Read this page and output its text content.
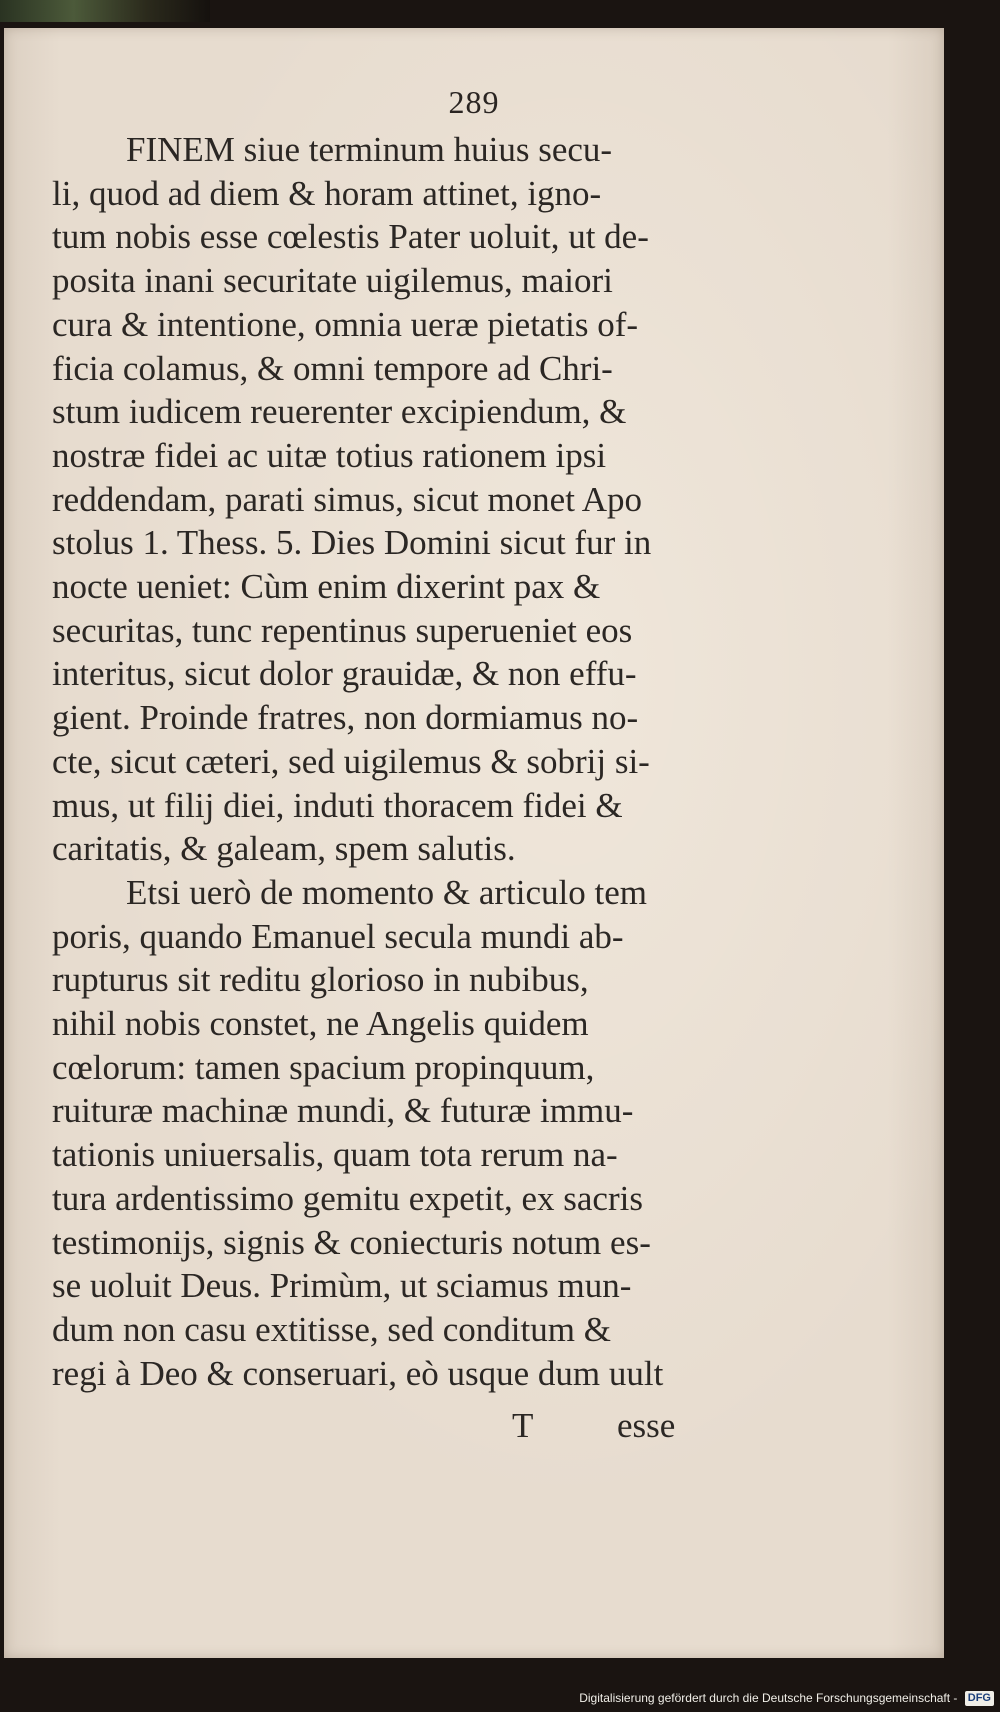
289
FINEM siue terminum huius secu-
li, quod ad diem & horam attinet, igno-
tum nobis esse cœlestis Pater uoluit, ut de-
posita inani securitate uigilemus, maiori
cura & intentione, omnia ueræ pietatis of-
ficia colamus, & omni tempore ad Chri-
stum iudicem reuerenter excipiendum, &
nostræ fidei ac uitæ totius rationem ipsi
reddendam, parati simus, sicut monet Apo
stolus 1. Thess. 5. Dies Domini sicut fur in
nocte ueniet: Cùm enim dixerint pax &
securitas, tunc repentinus superueniet eos
interitus, sicut dolor grauidæ, & non effu-
gient. Proinde fratres, non dormiamus no-
cte, sicut cæteri, sed uigilemus & sobrij si-
mus, ut filij diei, induti thoracem fidei &
caritatis, & galeam, spem salutis.
Etsi uerò de momento & articulo tem
poris, quando Emanuel secula mundi ab-
rupturus sit reditu glorioso in nubibus,
nihil nobis constet, ne Angelis quidem
cœlorum: tamen spacium propinquum,
ruituræ machinæ mundi, & futuræ immu-
tationis uniuersalis, quam tota rerum na-
tura ardentissimo gemitu expetit, ex sacris
testimonijs, signis & coniecturis notum es-
se uoluit Deus. Primùm, ut sciamus mun-
dum non casu extitisse, sed conditum &
regi à Deo & conseruari, eò usque dum uult
T esse
Digitalisierung gefördert durch die Deutsche Forschungsgemeinschaft - DFG
